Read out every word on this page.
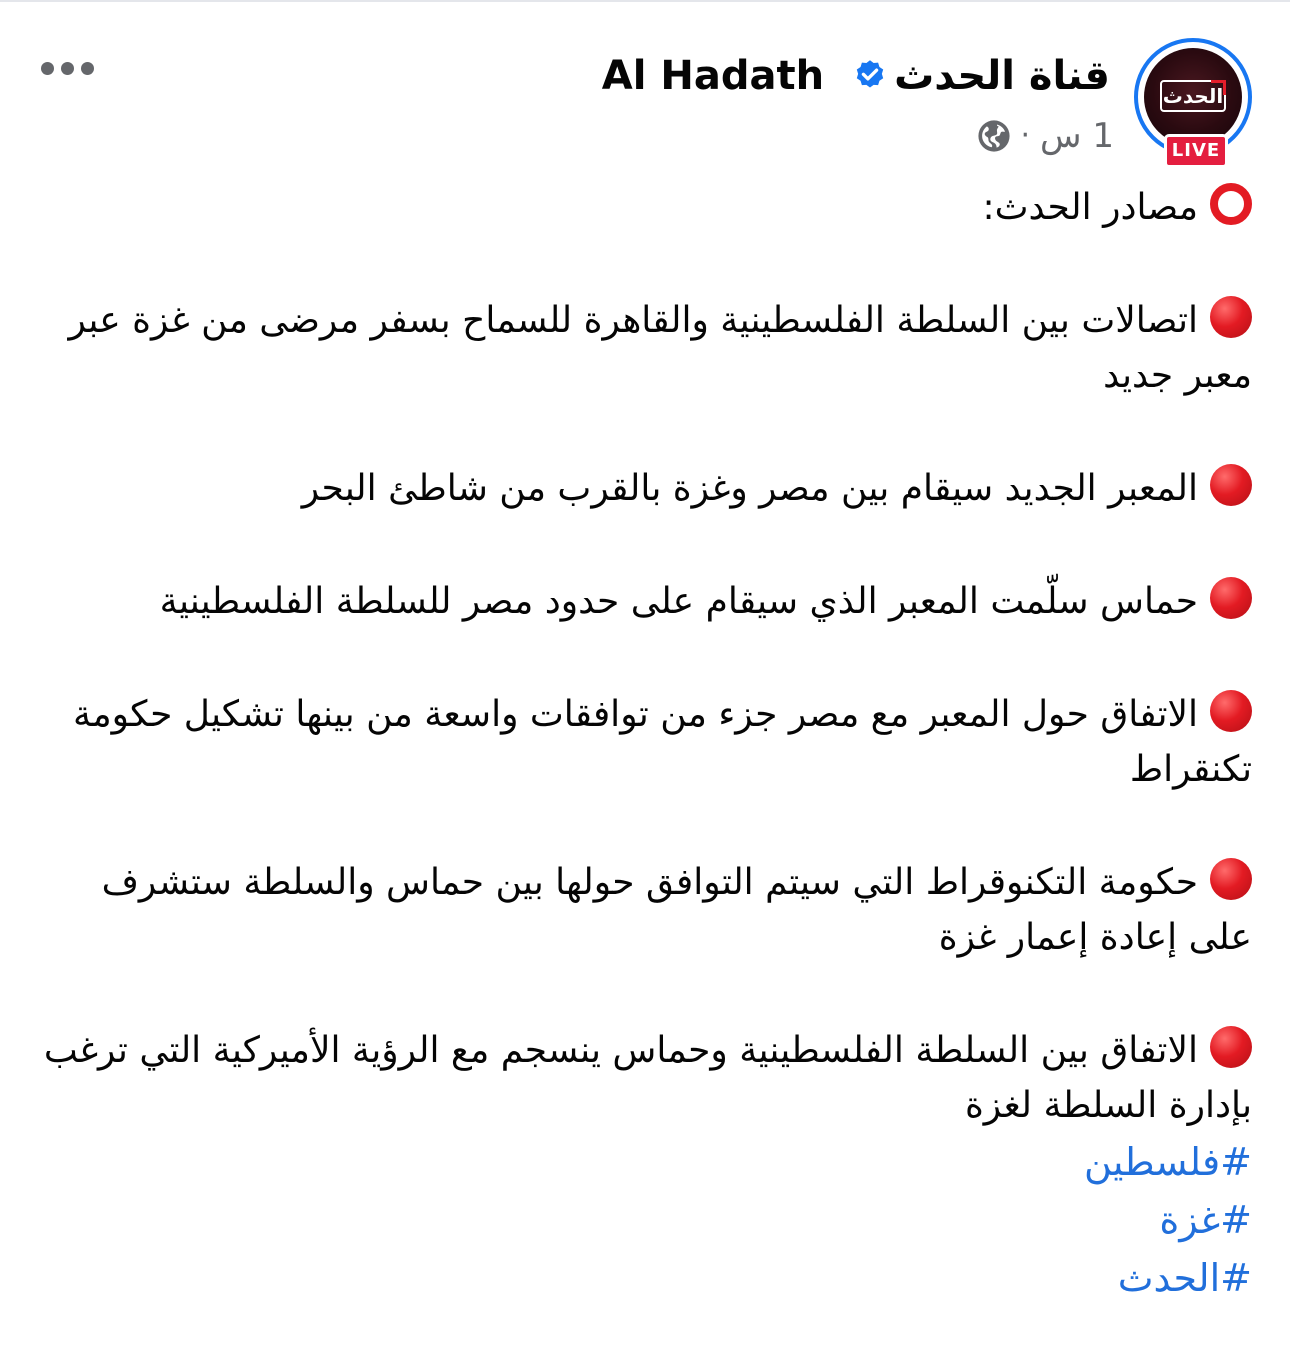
الحدث
LIVE
قناة الحدث
Al Hadath
1 س
·

مصادر الحدث:

اتصالات بين السلطة الفلسطينية والقاهرة للسماح بسفر مرضى من غزة عبر معبر جديد

المعبر الجديد سيقام بين مصر وغزة بالقرب من شاطئ البحر

حماس سلّمت المعبر الذي سيقام على حدود مصر للسلطة الفلسطينية

الاتفاق حول المعبر مع مصر جزء من توافقات واسعة من بينها تشكيل حكومة تكنقراط

حكومة التكنوقراط التي سيتم التوافق حولها بين حماس والسلطة ستشرف على إعادة إعمار غزة

الاتفاق بين السلطة الفلسطينية وحماس ينسجم مع الرؤية الأميركية التي ترغب بإدارة السلطة لغزة

#فلسطين
#غزة
#الحدث
